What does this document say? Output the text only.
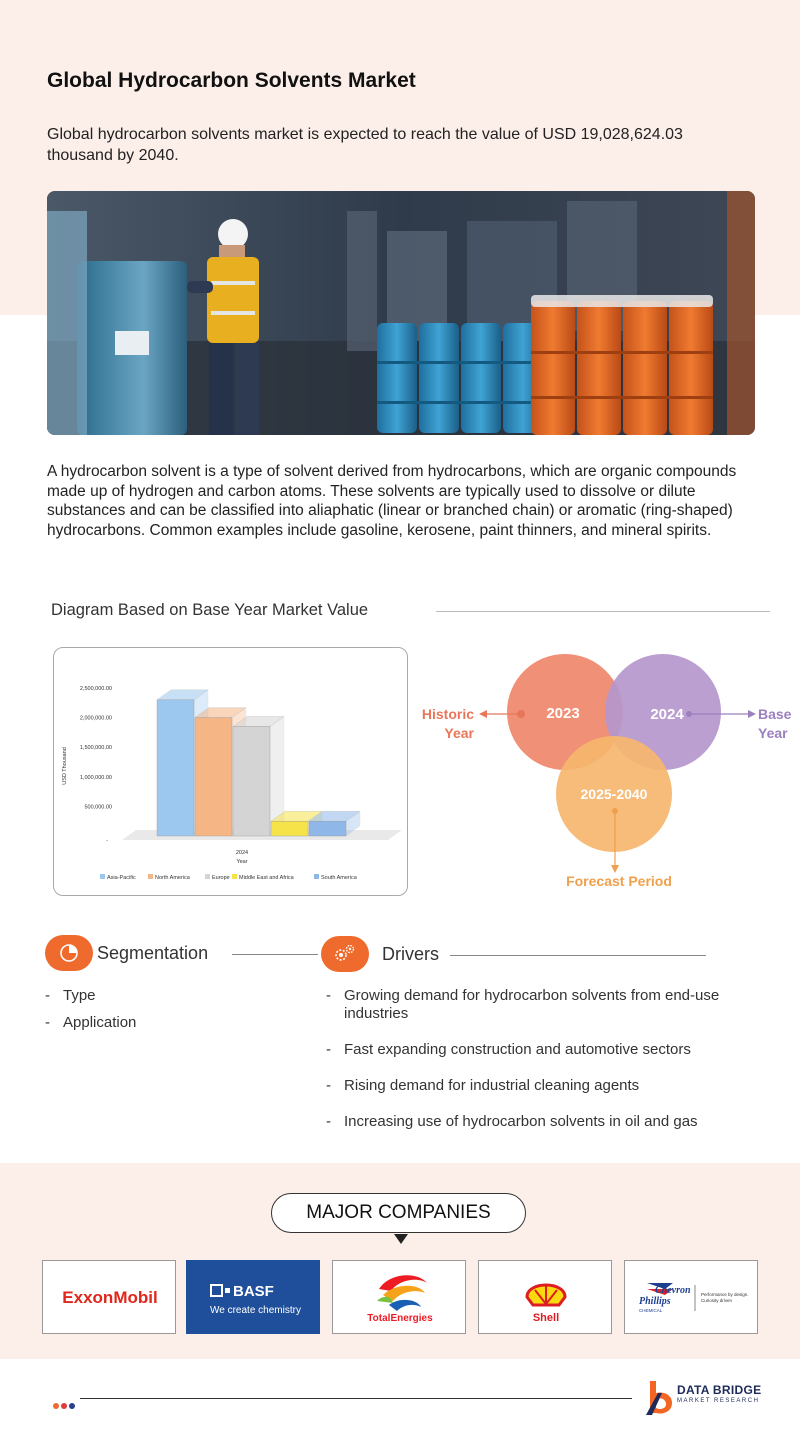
Global Hydrocarbon Solvents Market

Global hydrocarbon solvents market is expected to reach the value of USD 19,028,624.03 thousand by 2040.

A hydrocarbon solvent is a type of solvent derived from hydrocarbons, which are organic compounds made up of hydrogen and carbon atoms. These solvents are typically used to dissolve or dilute substances and can be classified into aliaphatic (linear or branched chain) or aromatic (ring-shaped) hydrocarbons. Common examples include gasoline, kerosene, paint thinners, and mineral spirits.

Diagram Based on Base Year Market Value
500,000.00
1,000,000.00
1,500,000.00
2,000,000.00
2,500,000.00
-
USD Thousand
2024
Year
Asia-Pacific	North America	Europe Middle East and Africa	South America
2023	2024
2025-2040
Historic
Year
Base
Year
Forecast Period
Segmentation
- Type
- Application
Drivers
- Growing demand for hydrocarbon solvents from end-use industries
- Fast expanding construction and automotive sectors
- Rising demand for industrial cleaning agents
- Increasing use of hydrocarbon solvents in oil and gas
MAJOR COMPANIES
ExxonMobil	BASF
We create chemistry
TotalEnergies	Shell
Chevron
Phillips
CHEMICAL
Performance by design.
Curiosity driven
DATA BRIDGE
MARKET RESEARCH
